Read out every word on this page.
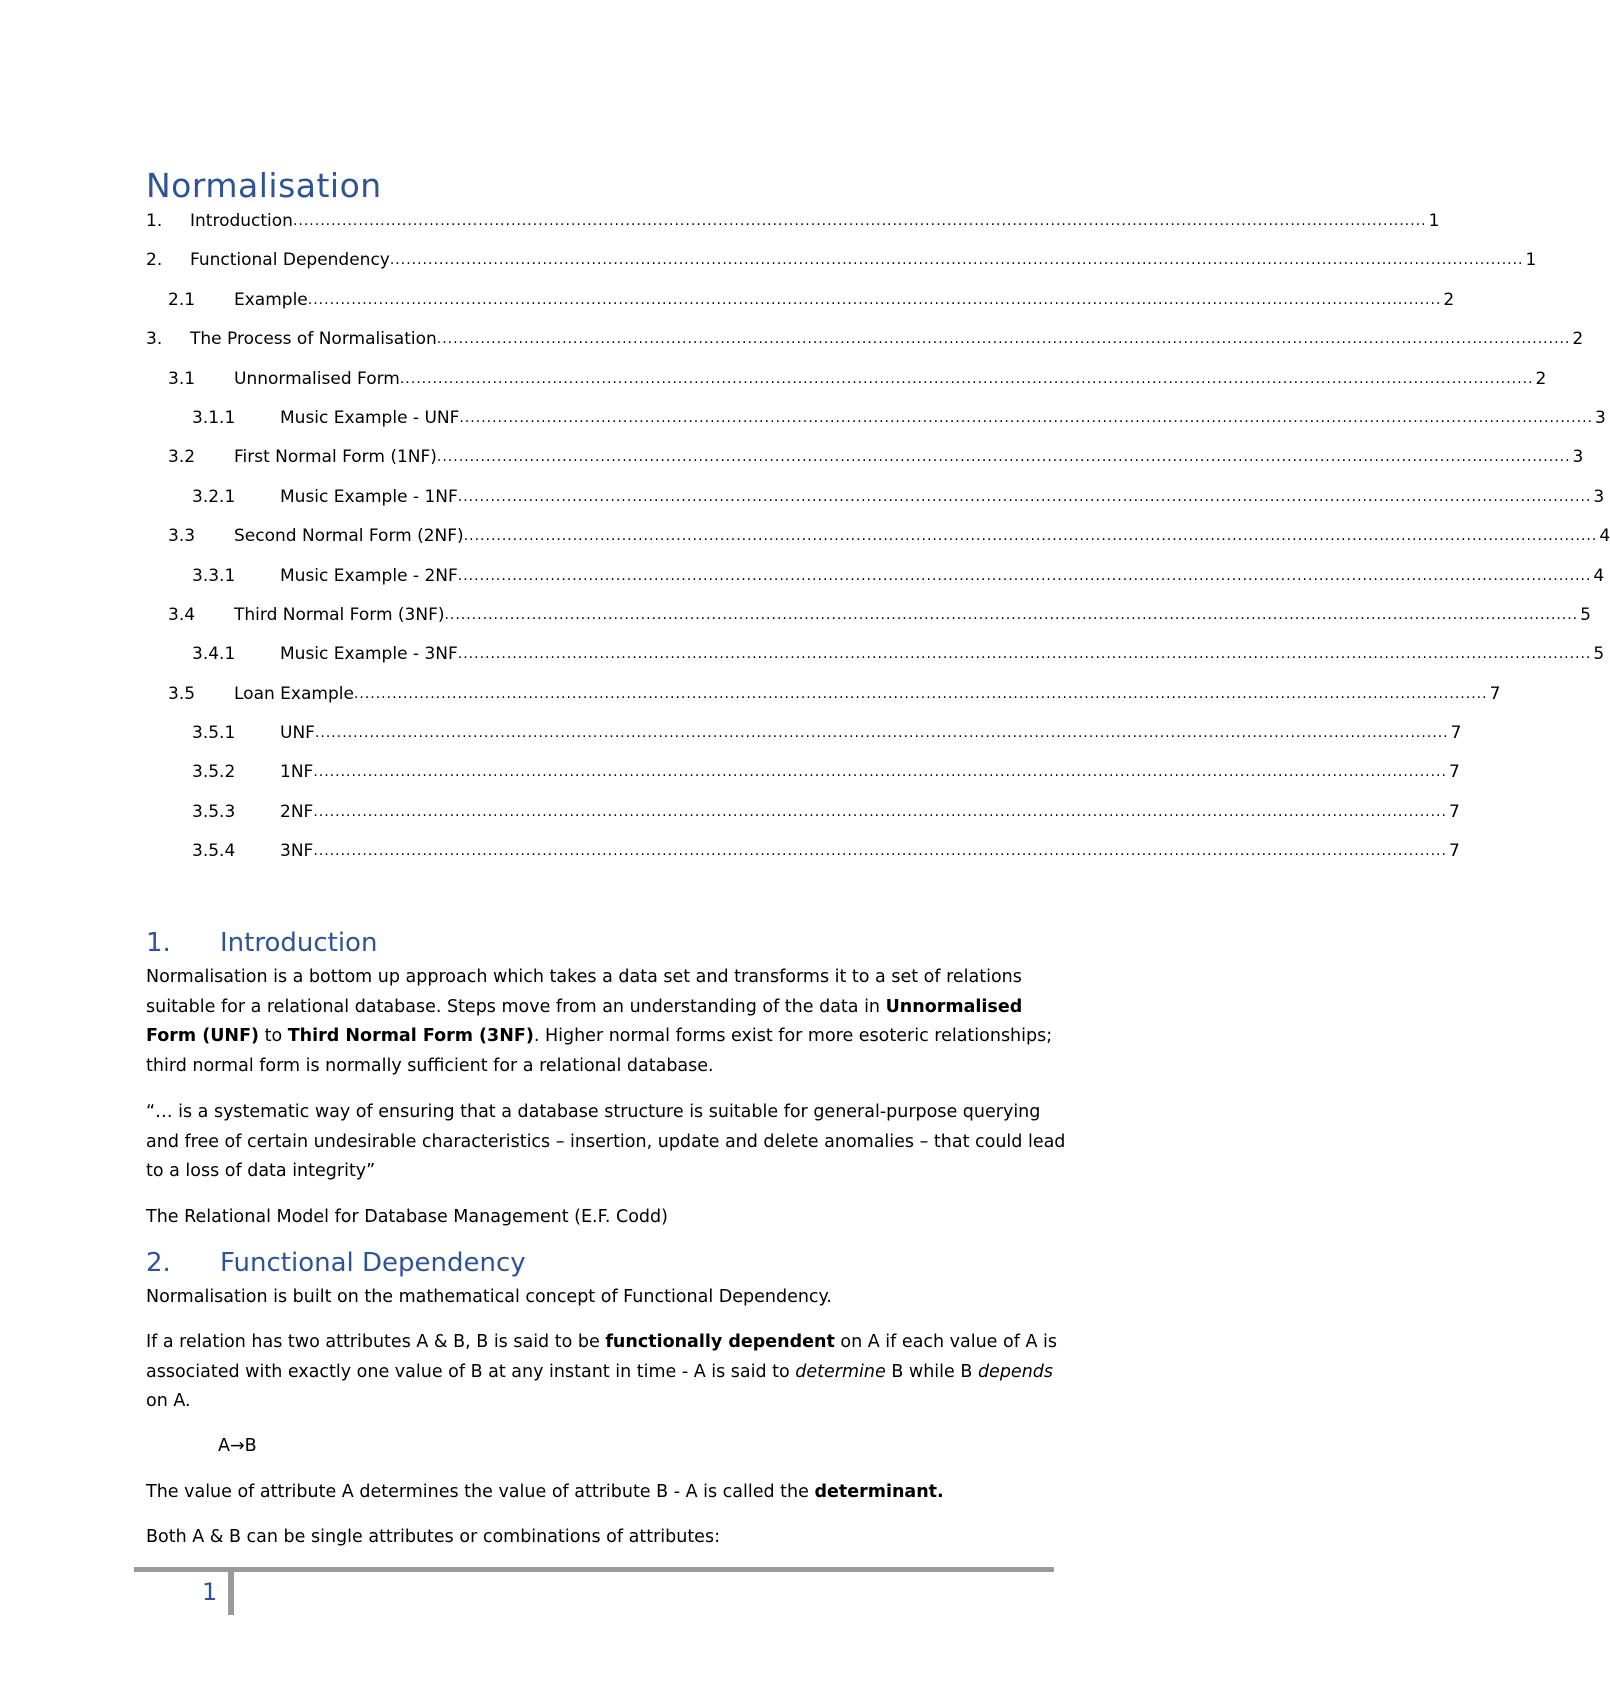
Normalisation
1.	Introduction ................................................................................................................................................................................................................ 1
2.	Functional Dependency ................................................................................................................................................................................................................ 1
2.1	Example ................................................................................................................................................................................................................ 2
3.	The Process of Normalisation ................................................................................................................................................................................................................ 2
3.1	Unnormalised Form ................................................................................................................................................................................................................ 2
3.1.1	Music Example - UNF ................................................................................................................................................................................................................ 3
3.2	First Normal Form (1NF) ................................................................................................................................................................................................................ 3
3.2.1	Music Example - 1NF ................................................................................................................................................................................................................ 3
3.3	Second Normal Form (2NF) ................................................................................................................................................................................................................ 4
3.3.1	Music Example - 2NF ................................................................................................................................................................................................................ 4
3.4	Third Normal Form (3NF) ................................................................................................................................................................................................................ 5
3.4.1	Music Example - 3NF ................................................................................................................................................................................................................ 5
3.5	Loan Example ................................................................................................................................................................................................................ 7
3.5.1	UNF ................................................................................................................................................................................................................ 7
3.5.2	1NF ................................................................................................................................................................................................................ 7
3.5.3	2NF ................................................................................................................................................................................................................ 7
3.5.4	3NF ................................................................................................................................................................................................................ 7
1.	Introduction

Normalisation is a bottom up approach which takes a data set and transforms it to a set of relations suitable for a relational database. Steps move from an understanding of the data in Unnormalised Form (UNF) to Third Normal Form (3NF). Higher normal forms exist for more esoteric relationships; third normal form is normally sufficient for a relational database.

“… is a systematic way of ensuring that a database structure is suitable for general-purpose querying and free of certain undesirable characteristics – insertion, update and delete anomalies – that could lead to a loss of data integrity”

The Relational Model for Database Management (E.F. Codd)

2.	Functional Dependency

Normalisation is built on the mathematical concept of Functional Dependency.

If a relation has two attributes A & B, B is said to be functionally dependent on A if each value of A is associated with exactly one value of B at any instant in time - A is said to determine B while B depends on A.

A→B

The value of attribute A determines the value of attribute B - A is called the determinant.

Both A & B can be single attributes or combinations of attributes:

1
